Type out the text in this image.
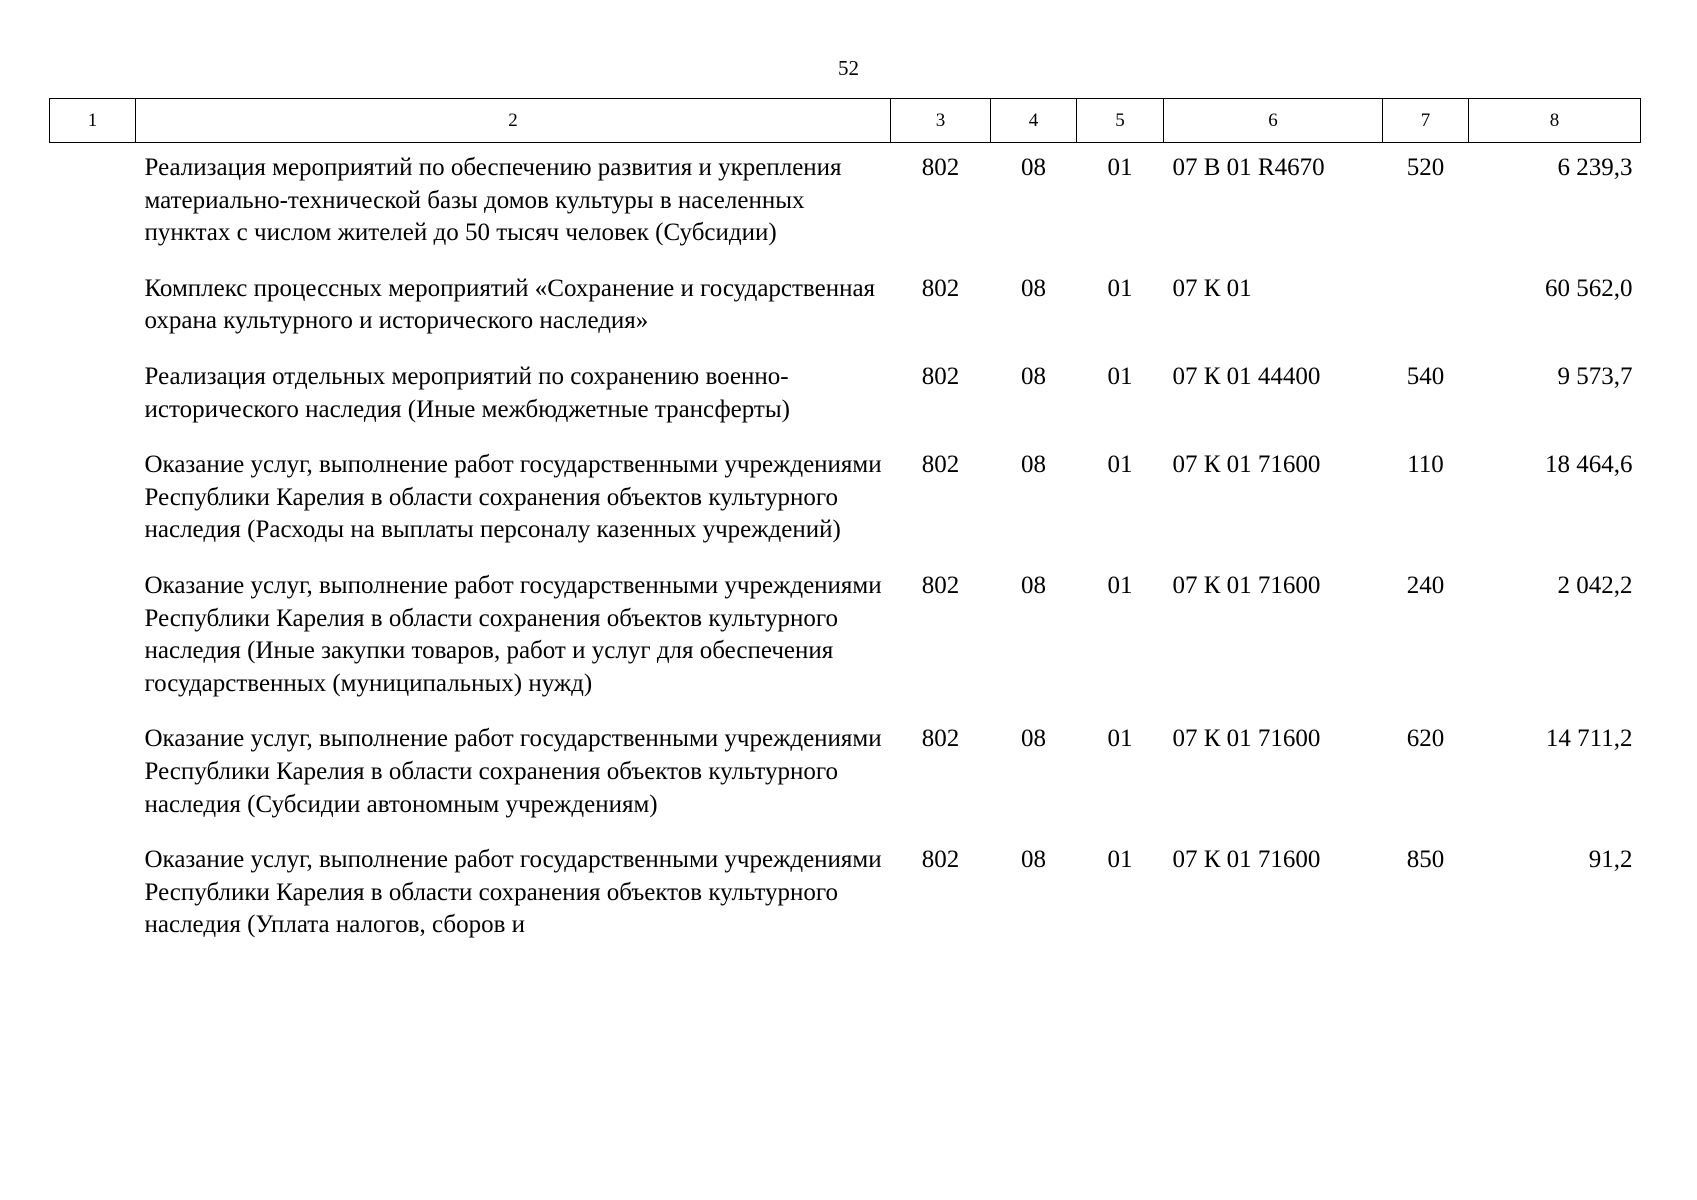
52
1	2	3	4	5	6	7	8
	Реализация мероприятий по обеспечению развития и укрепления материально-технической базы домов культуры в населенных пунктах с числом жителей до 50 тысяч человек (Субсидии)	802	08	01	07 В 01 R4670	520	6 239,3
	Комплекс процессных мероприятий «Сохранение и государственная охрана культурного и исторического наследия»	802	08	01	07 К 01		60 562,0
	Реализация отдельных мероприятий по сохранению военно-исторического наследия (Иные межбюджетные трансферты)	802	08	01	07 К 01 44400	540	9 573,7
	Оказание услуг, выполнение работ государственными учреждениями Республики Карелия в области сохранения объектов культурного наследия (Расходы на выплаты персоналу казенных учреждений)	802	08	01	07 К 01 71600	110	18 464,6
	Оказание услуг, выполнение работ государственными учреждениями Республики Карелия в области сохранения объектов культурного наследия (Иные закупки товаров, работ и услуг для обеспечения государственных (муниципальных) нужд)	802	08	01	07 К 01 71600	240	2 042,2
	Оказание услуг, выполнение работ государственными учреждениями Республики Карелия в области сохранения объектов культурного наследия (Субсидии автономным учреждениям)	802	08	01	07 К 01 71600	620	14 711,2
	Оказание услуг, выполнение работ государственными учреждениями Республики Карелия в области сохранения объектов культурного наследия (Уплата налогов, сборов и	802	08	01	07 К 01 71600	850	91,2
